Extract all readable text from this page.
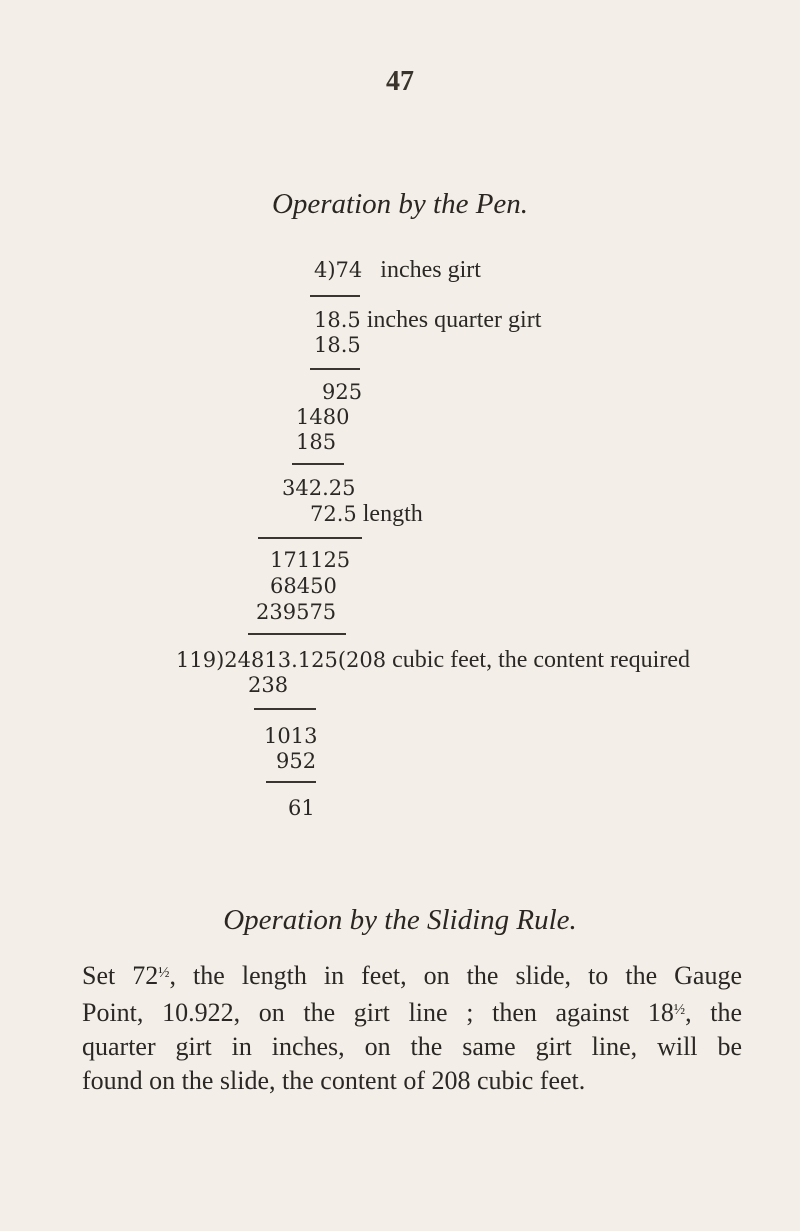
47
Operation by the Pen.
4)74 inches girt
18.5 inches quarter girt
18.5
925
1480
185
342.25
72.5 length
171125
68450
239575
119)24813.125(208 cubic feet, the content required
238
1013
952
61
Operation by the Sliding Rule.
Set $72^{\frac{1}{2}}$, the length in feet, on the slide, to the Gauge
Point, 10.922, on the girt line ; then against $18^{\frac{1}{2}}$, the
quarter girt in inches, on the same girt line, will be
found on the slide, the content of 208 cubic feet.
